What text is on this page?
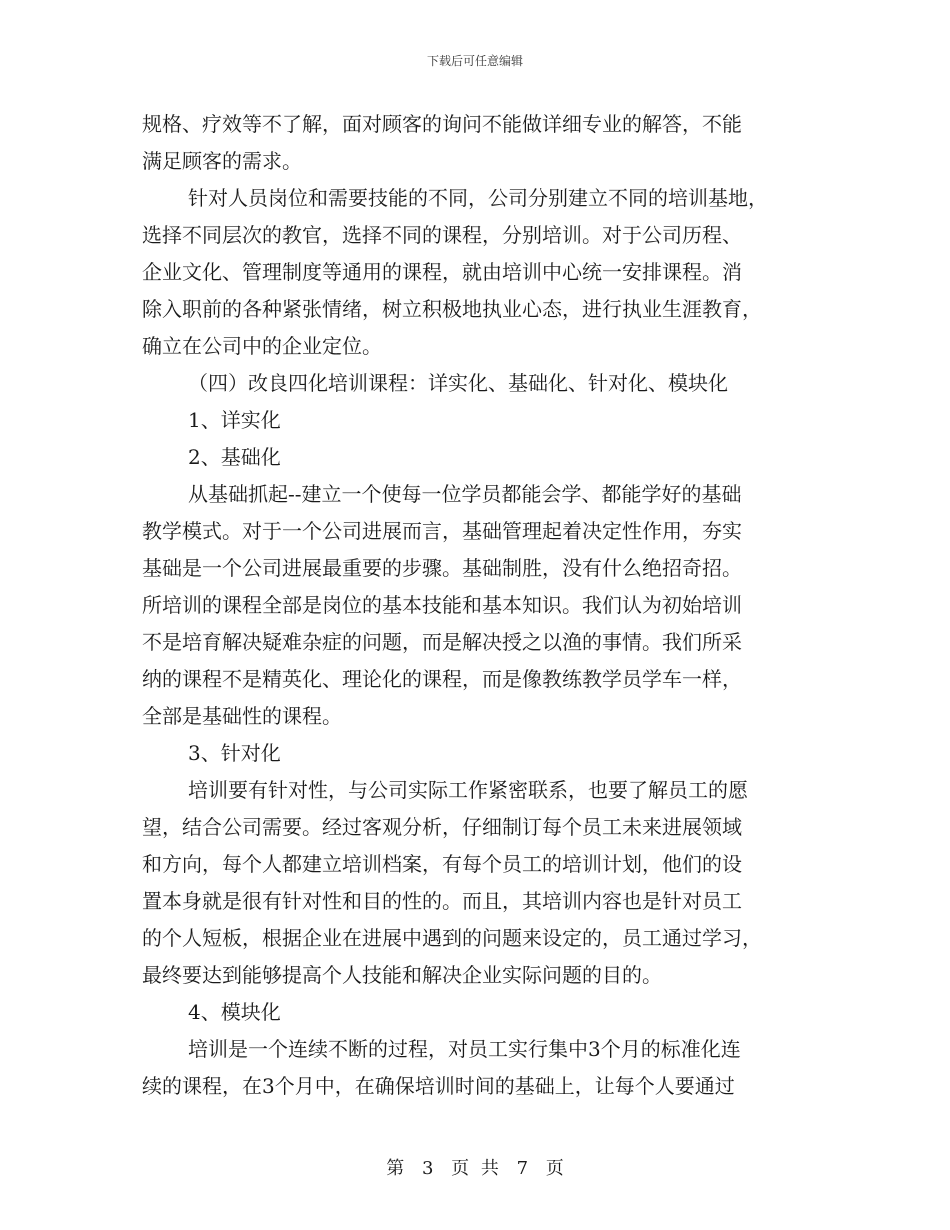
下载后可任意编辑
规格、疗效等不了解，面对顾客的询问不能做详细专业的解答，不能
满足顾客的需求。
针对人员岗位和需要技能的不同，公司分别建立不同的培训基地，
选择不同层次的教官，选择不同的课程，分别培训。对于公司历程、
企业文化、管理制度等通用的课程，就由培训中心统一安排课程。消
除入职前的各种紧张情绪，树立积极地执业心态，进行执业生涯教育，
确立在公司中的企业定位。
（四）改良四化培训课程：详实化、基础化、针对化、模块化
1、详实化
2、基础化
从基础抓起--建立一个使每一位学员都能会学、都能学好的基础
教学模式。对于一个公司进展而言，基础管理起着决定性作用，夯实
基础是一个公司进展最重要的步骤。基础制胜，没有什么绝招奇招。
所培训的课程全部是岗位的基本技能和基本知识。我们认为初始培训
不是培育解决疑难杂症的问题，而是解决授之以渔的事情。我们所采
纳的课程不是精英化、理论化的课程，而是像教练教学员学车一样，
全部是基础性的课程。
3、针对化
培训要有针对性，与公司实际工作紧密联系，也要了解员工的愿
望，结合公司需要。经过客观分析，仔细制订每个员工未来进展领域
和方向，每个人都建立培训档案，有每个员工的培训计划，他们的设
置本身就是很有针对性和目的性的。而且，其培训内容也是针对员工
的个人短板，根据企业在进展中遇到的问题来设定的，员工通过学习，
最终要达到能够提高个人技能和解决企业实际问题的目的。
4、模块化
培训是一个连续不断的过程，对员工实行集中3个月的标准化连
续的课程，在3个月中，在确保培训时间的基础上，让每个人要通过
第 3 页 共 7 页
